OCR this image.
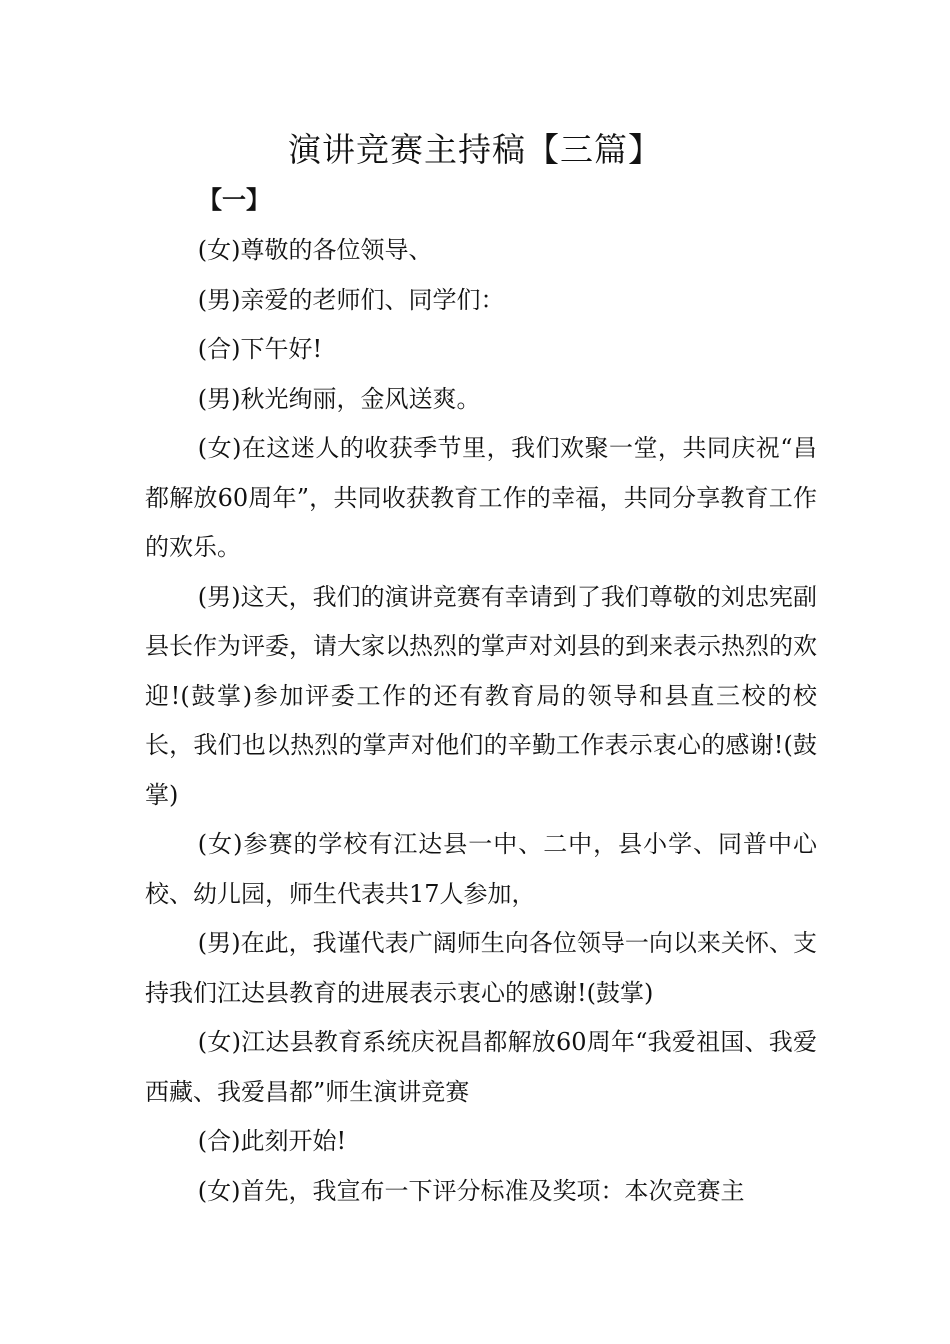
演讲竞赛主持稿【三篇】
【一】

(女)尊敬的各位领导、

(男)亲爱的老师们、同学们：

(合)下午好!

(男)秋光绚丽，金风送爽。

(女)在这迷人的收获季节里，我们欢聚一堂，共同庆祝“昌都解放60周年”，共同收获教育工作的幸福，共同分享教育工作的欢乐。

(男)这天，我们的演讲竞赛有幸请到了我们尊敬的刘忠宪副县长作为评委，请大家以热烈的掌声对刘县的到来表示热烈的欢迎!(鼓掌)参加评委工作的还有教育局的领导和县直三校的校长，我们也以热烈的掌声对他们的辛勤工作表示衷心的感谢!(鼓掌)

(女)参赛的学校有江达县一中、二中，县小学、同普中心校、幼儿园，师生代表共17人参加，

(男)在此，我谨代表广阔师生向各位领导一向以来关怀、支持我们江达县教育的进展表示衷心的感谢!(鼓掌)

(女)江达县教育系统庆祝昌都解放60周年“我爱祖国、我爱西藏、我爱昌都”师生演讲竞赛

(合)此刻开始!

(女)首先，我宣布一下评分标准及奖项：本次竞赛主
